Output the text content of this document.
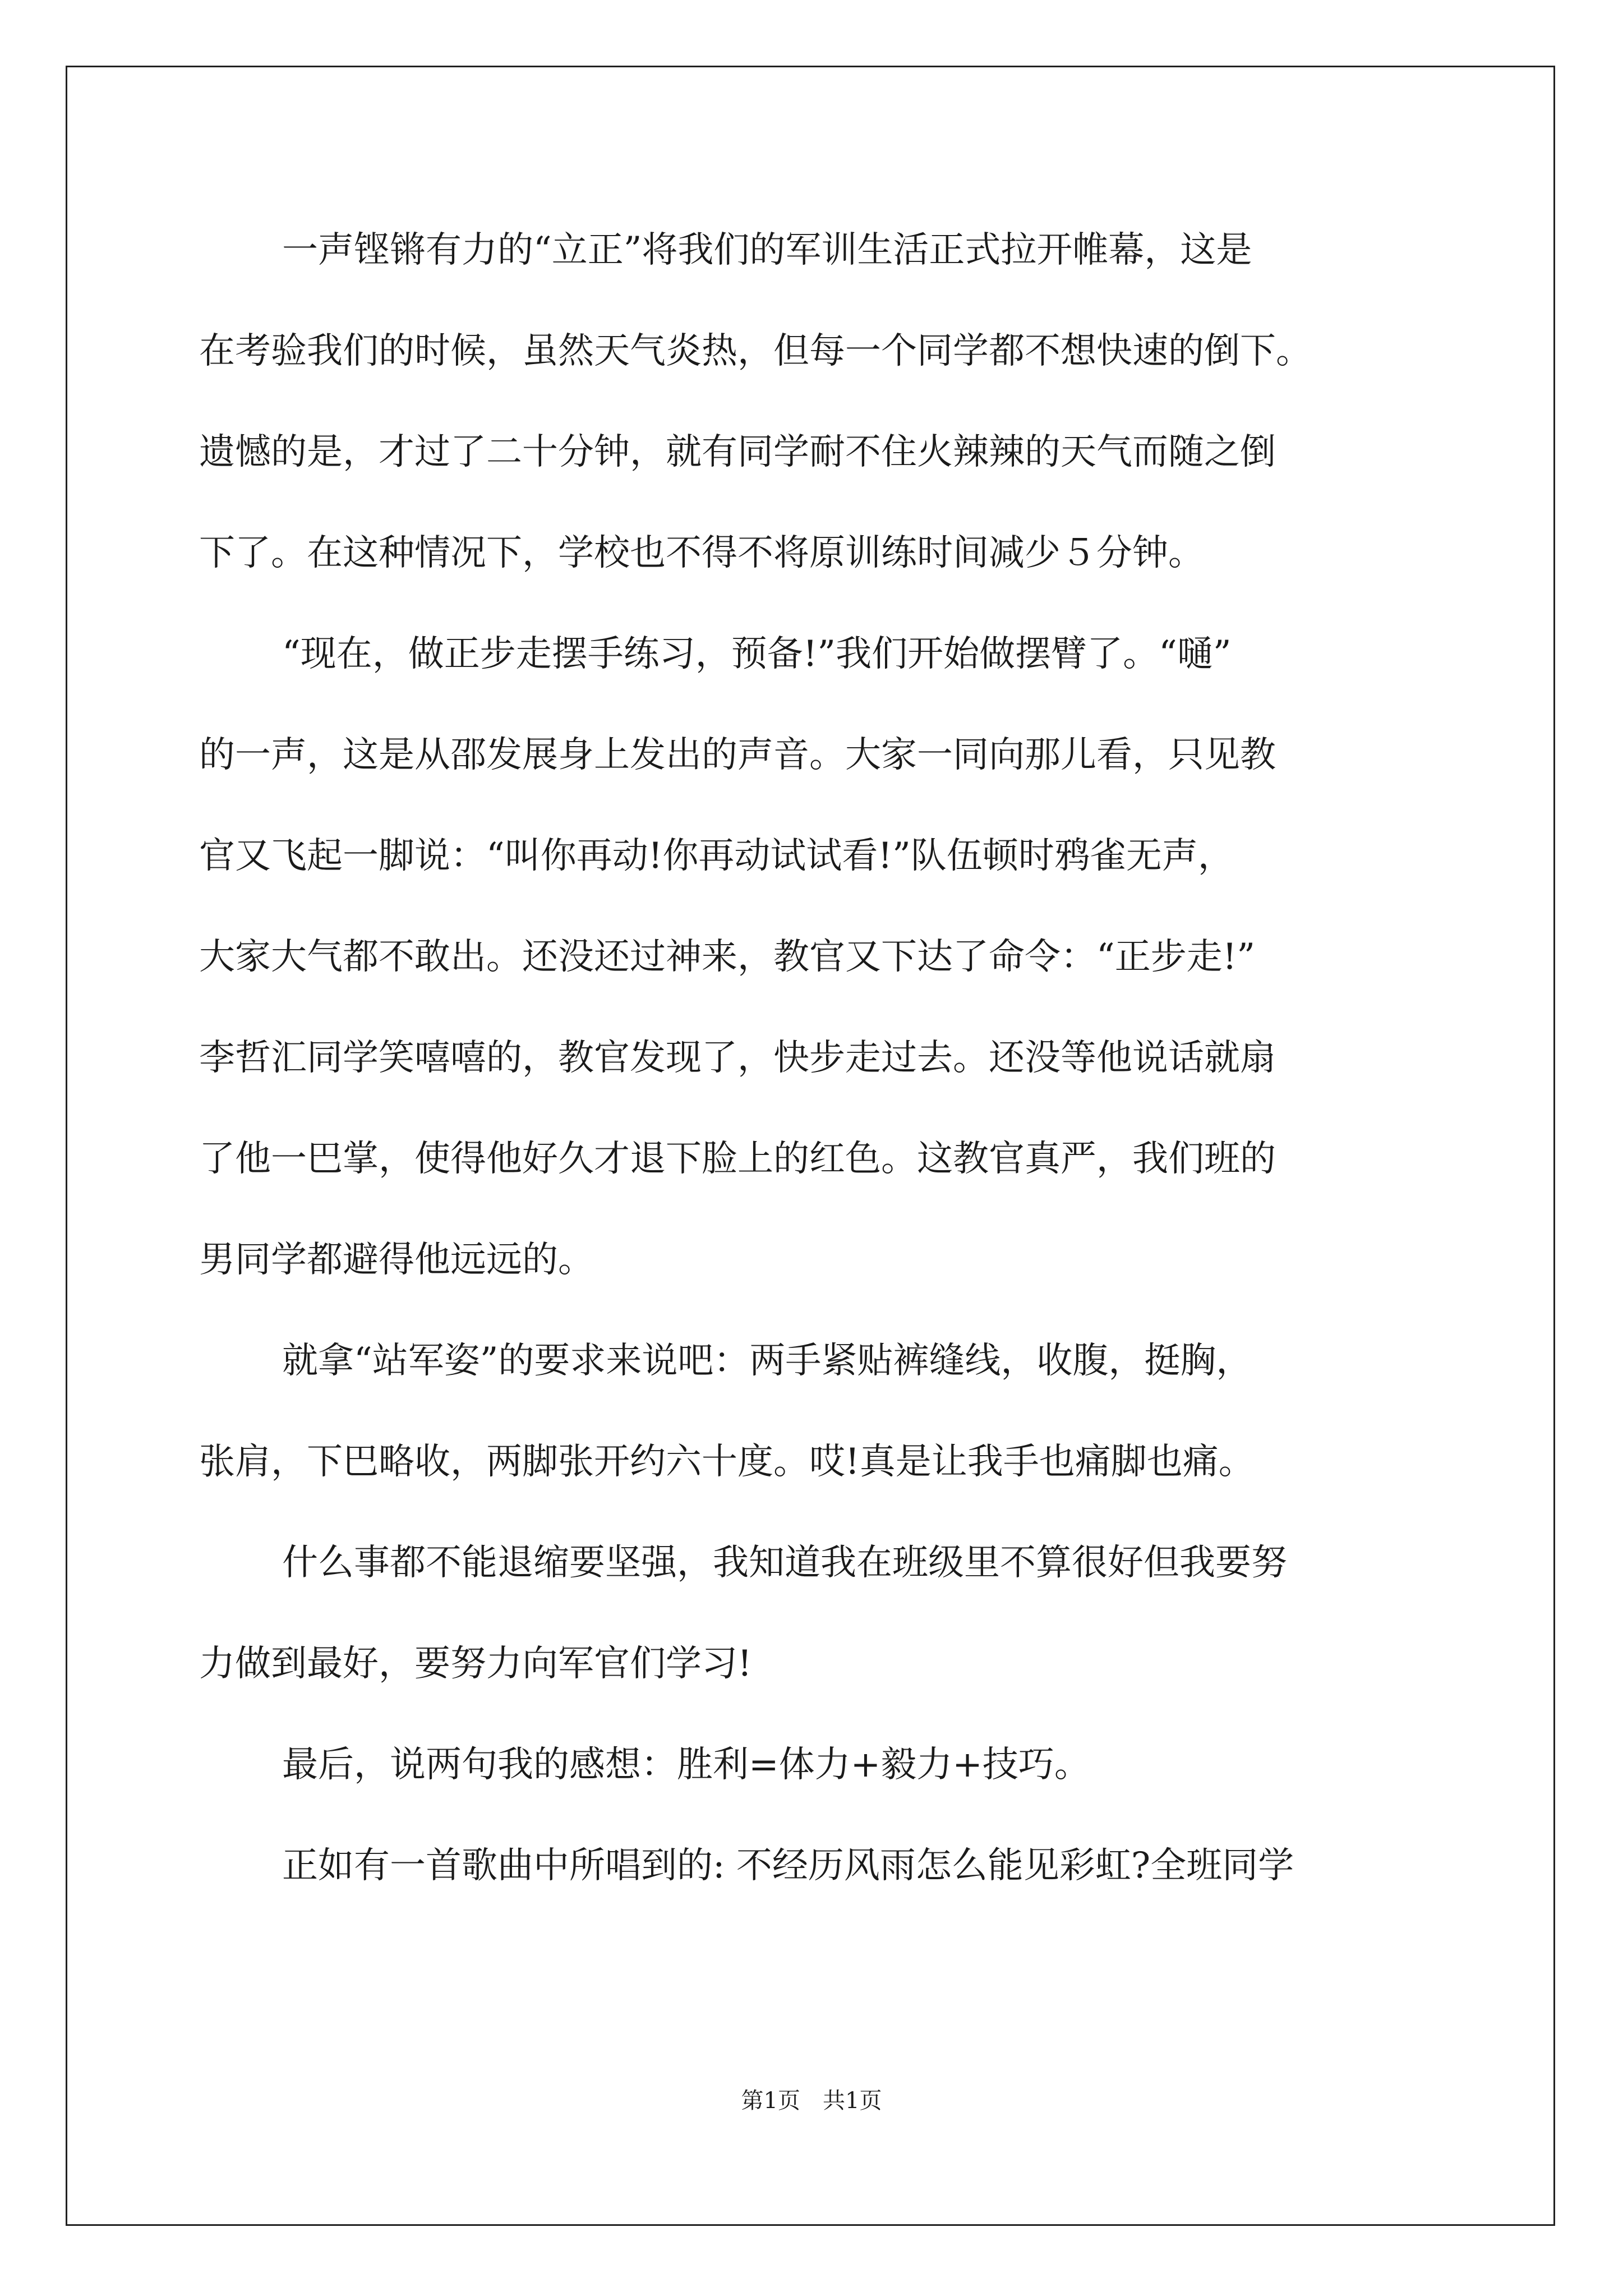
一声铿锵有力的“立正”将我们的军训生活正式拉开帷幕，这是
在考验我们的时候，虽然天气炎热，但每一个同学都不想快速的倒下。
遗憾的是，才过了二十分钟，就有同学耐不住火辣辣的天气而随之倒
下了。在这种情况下，学校也不得不将原训练时间减少５分钟。
“现在，做正步走摆手练习，预备!”我们开始做摆臂了。“嗵”
的一声，这是从邵发展身上发出的声音。大家一同向那儿看，只见教
官又飞起一脚说：“叫你再动!你再动试试看!”队伍顿时鸦雀无声，
大家大气都不敢出。还没还过神来，教官又下达了命令：“正步走!”
李哲汇同学笑嘻嘻的，教官发现了，快步走过去。还没等他说话就扇
了他一巴掌，使得他好久才退下脸上的红色。这教官真严，我们班的
男同学都避得他远远的。
就拿“站军姿”的要求来说吧：两手紧贴裤缝线，收腹，挺胸，
张肩，下巴略收，两脚张开约六十度。哎!真是让我手也痛脚也痛。
什么事都不能退缩要坚强，我知道我在班级里不算很好但我要努
力做到最好，要努力向军官们学习!
最后，说两句我的感想：胜利=体力+毅力+技巧。
正如有一首歌曲中所唱到的: 不经历风雨怎么能见彩虹?全班同学
第1页　共1页
